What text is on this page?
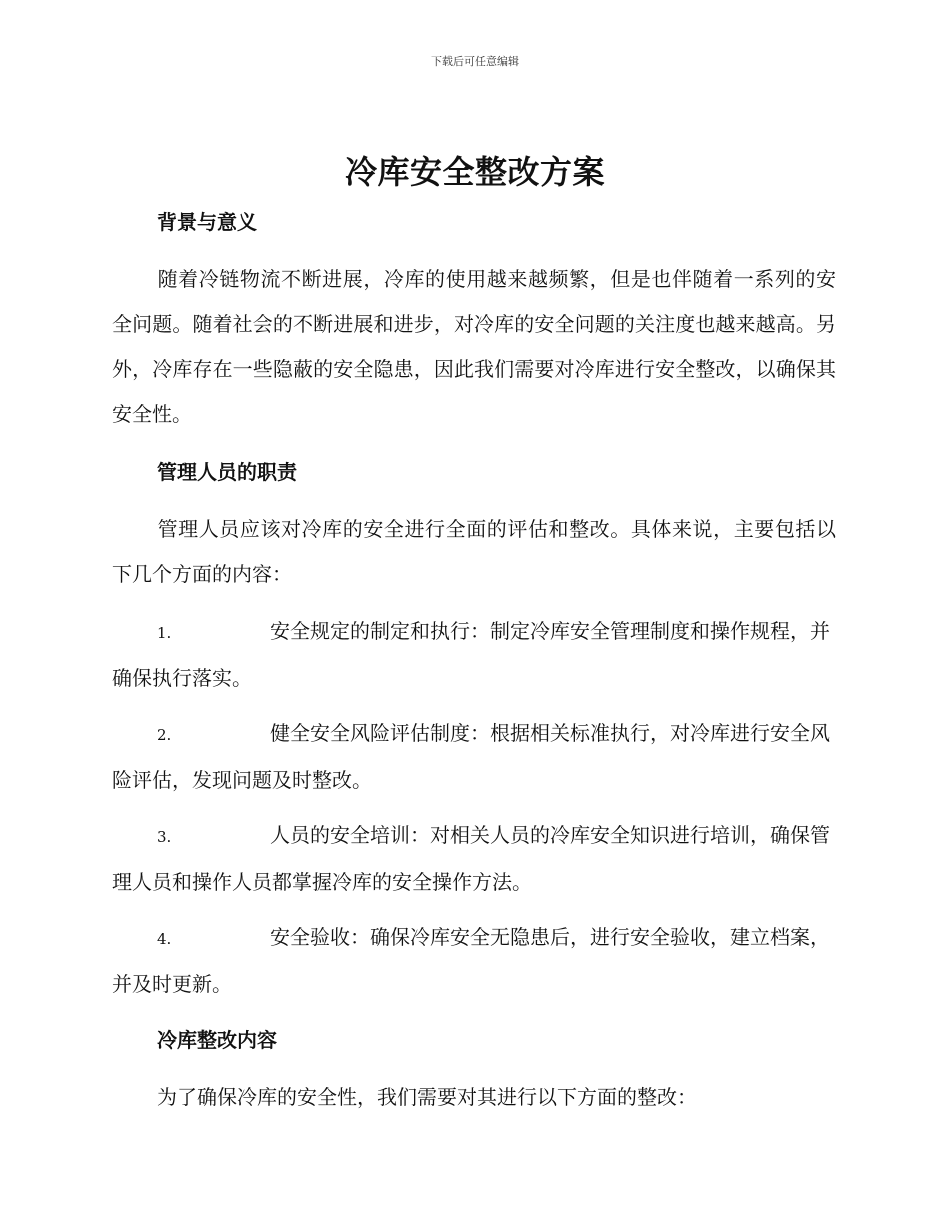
下载后可任意编辑
冷库安全整改方案
背景与意义
随着冷链物流不断进展，冷库的使用越来越频繁，但是也伴随着一系列的安全问题。随着社会的不断进展和进步，对冷库的安全问题的关注度也越来越高。另外，冷库存在一些隐蔽的安全隐患，因此我们需要对冷库进行安全整改，以确保其安全性。
管理人员的职责
管理人员应该对冷库的安全进行全面的评估和整改。具体来说，主要包括以下几个方面的内容：
1.	安全规定的制定和执行：制定冷库安全管理制度和操作规程，并确保执行落实。
2.	健全安全风险评估制度：根据相关标准执行，对冷库进行安全风险评估，发现问题及时整改。
3.	人员的安全培训：对相关人员的冷库安全知识进行培训，确保管理人员和操作人员都掌握冷库的安全操作方法。
4.	安全验收：确保冷库安全无隐患后，进行安全验收，建立档案，并及时更新。
冷库整改内容
为了确保冷库的安全性，我们需要对其进行以下方面的整改：
